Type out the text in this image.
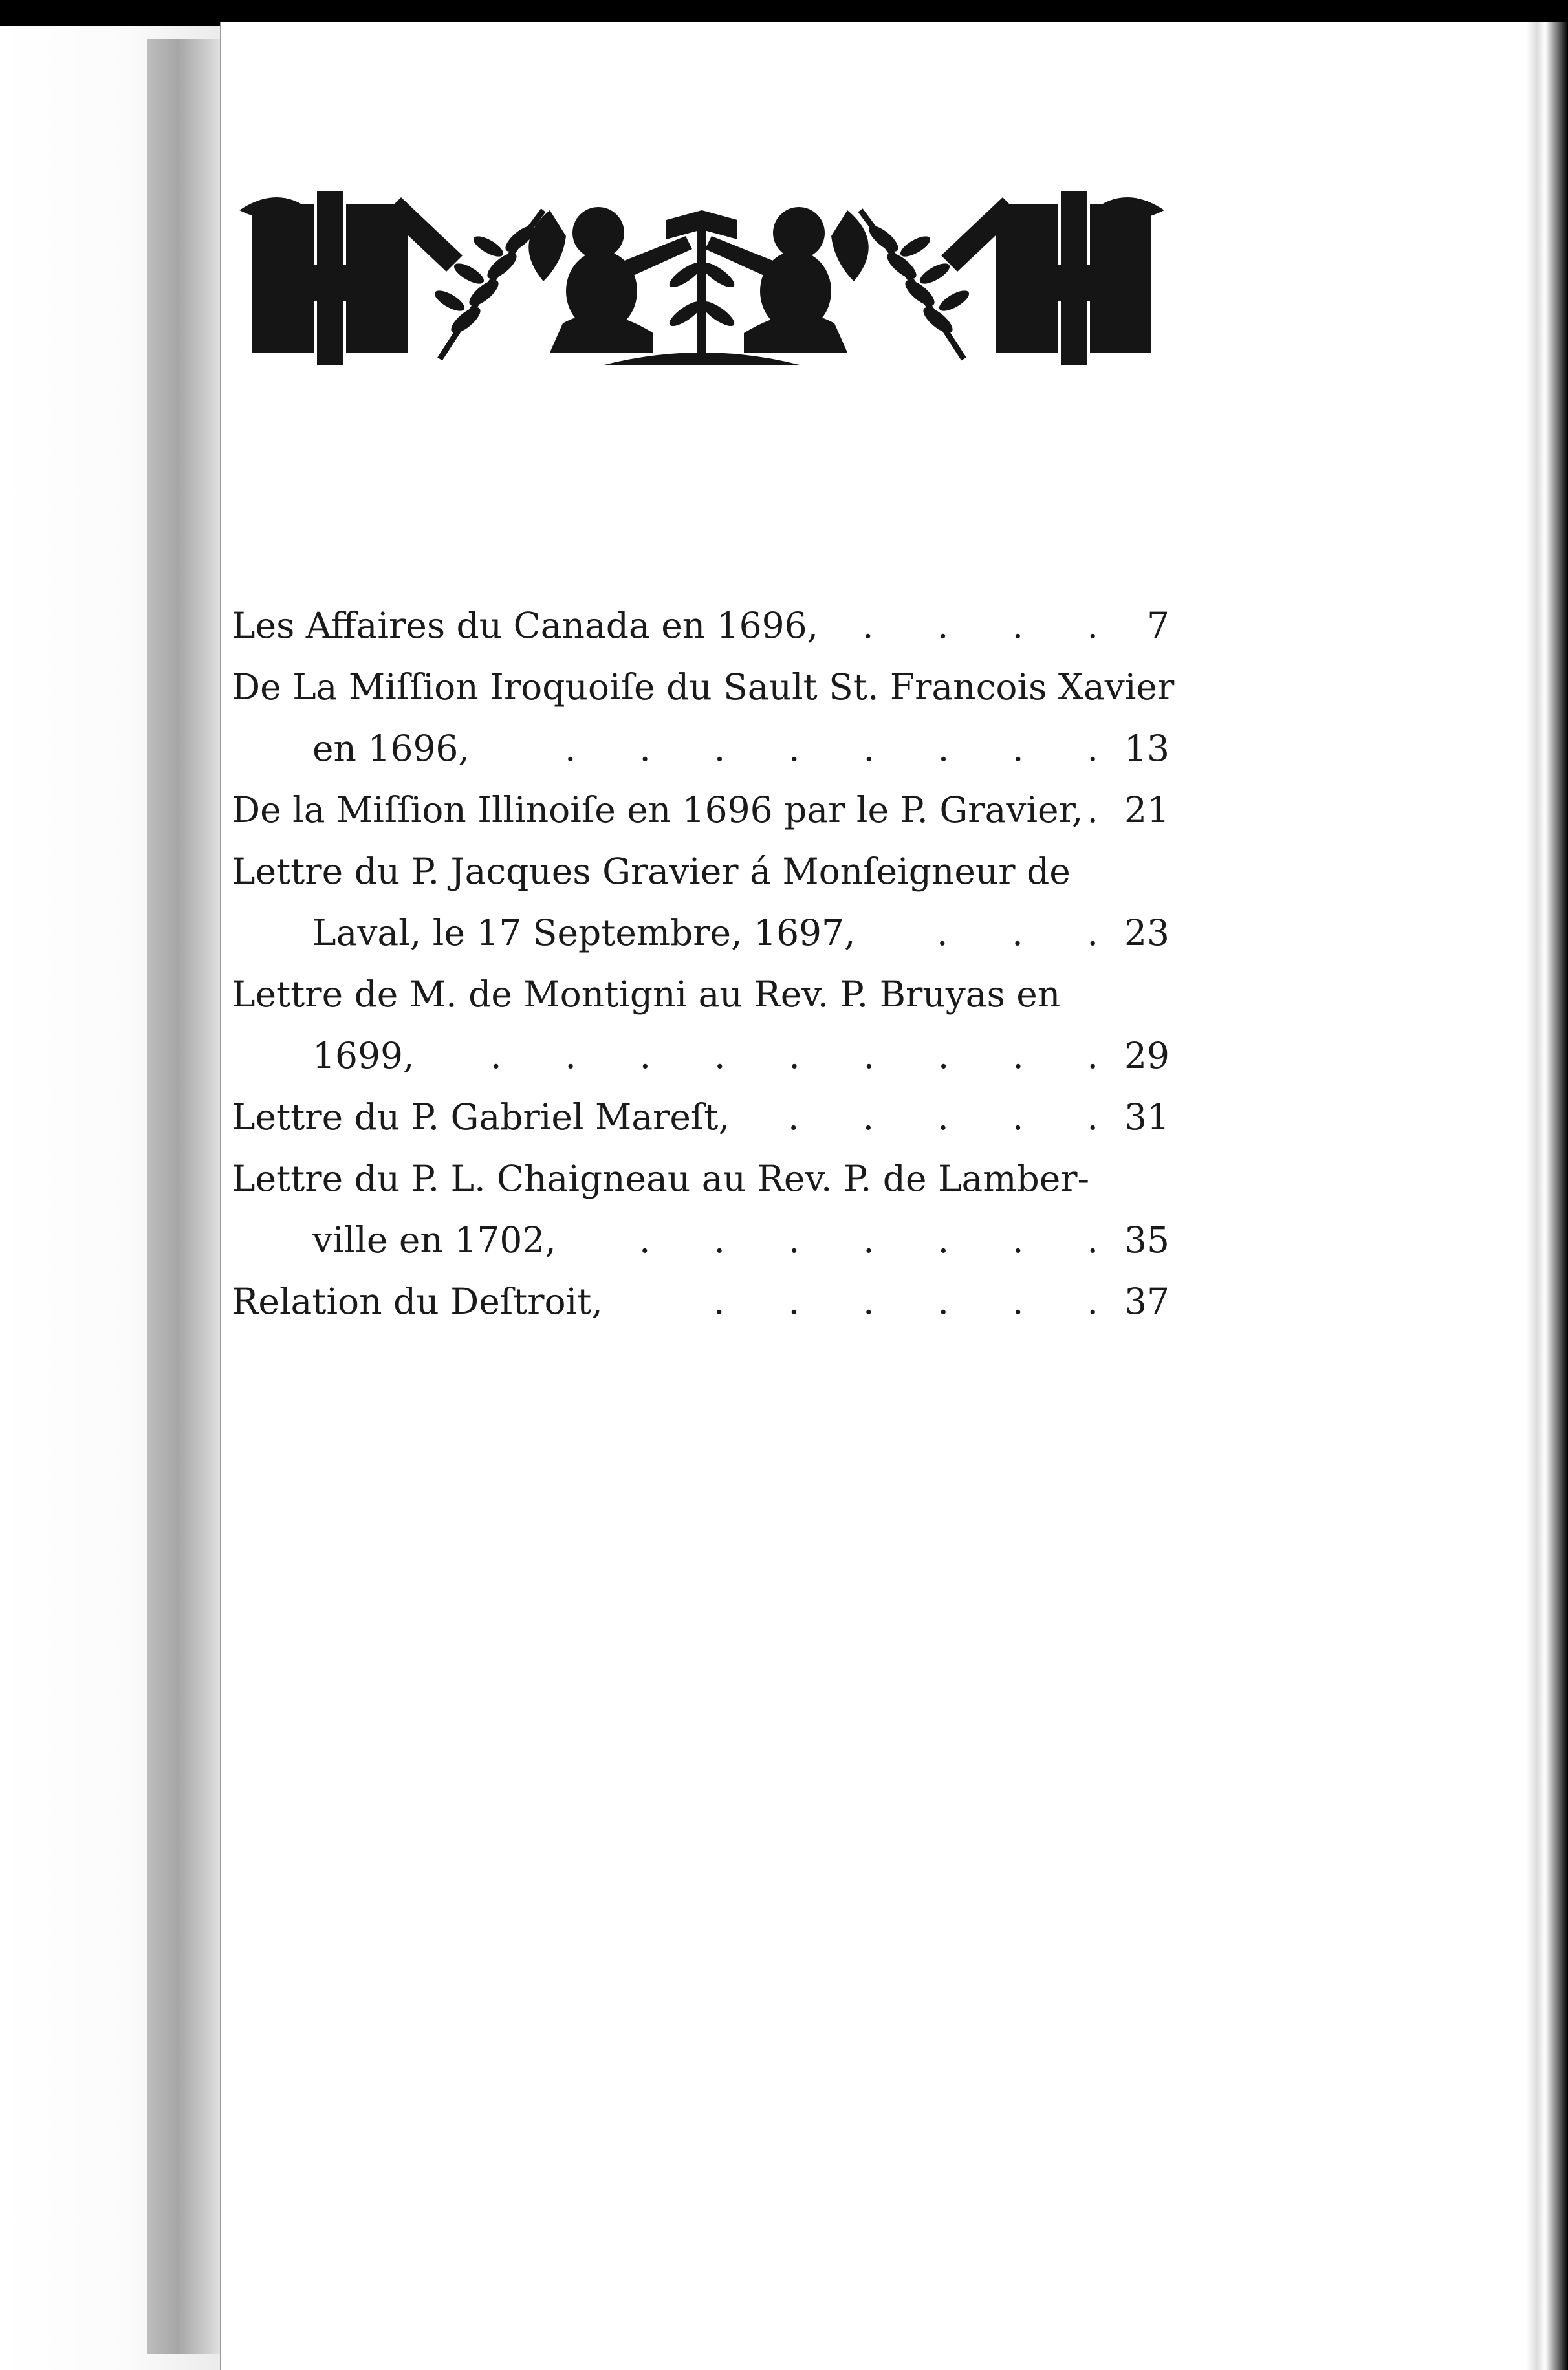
Les Affaires du Canada en 1696, . . . .	7
De La Miſſion Iroquoiſe du Sault St. Francois Xavier
en 1696,	. . . . . . . . 13
De la Miſſion Illinoiſe en 1696 par le P. Gravier, . 21
Lettre du P. Jacques Gravier á Monſeigneur de
Laval, le 17 Septembre, 1697, . . . 23
Lettre de M. de Montigni au Rev. P. Bruyas en
1699, . . . . . . . . . 29
Lettre du P. Gabriel Mareſt, . . . . . 31
Lettre du P. L. Chaigneau au Rev. P. de Lamber-
ville en 1702, . . . . . . . 35
Relation du Deſtroit,	. . . . . . 37
